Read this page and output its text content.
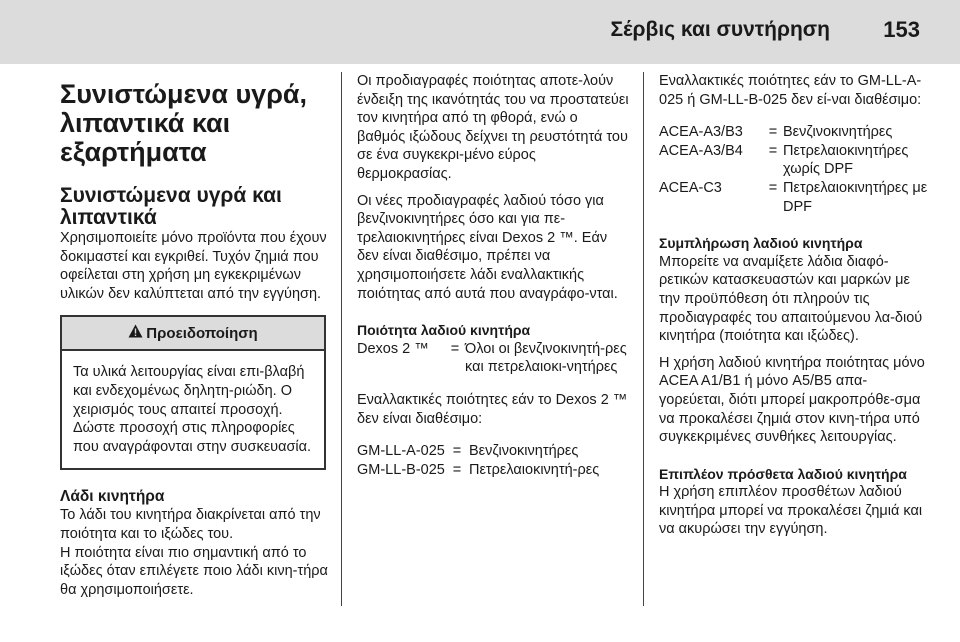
Σέρβις και συντήρηση 153
Συνιστώμενα υγρά, λιπαντικά και εξαρτήματα
Συνιστώμενα υγρά και λιπαντικά

Χρησιμοποιείτε μόνο προϊόντα που έχουν δοκιμαστεί και εγκριθεί. Τυχόν ζημιά που οφείλεται στη χρήση μη εγκεκριμένων υλικών δεν καλύπτεται από την εγγύηση.

Προειδοποίηση
Τα υλικά λειτουργίας είναι επι-βλαβή και ενδεχομένως δηλητη-ριώδη. Ο χειρισμός τους απαιτεί προσοχή. Δώστε προσοχή στις πληροφορίες που αναγράφονται στην συσκευασία.
Λάδι κινητήρα

Το λάδι του κινητήρα διακρίνεται από την ποιότητα και το ιξώδες του.

Η ποιότητα είναι πιο σημαντική από το ιξώδες όταν επιλέγετε ποιο λάδι κινη-τήρα θα χρησιμοποιήσετε.

Οι προδιαγραφές ποιότητας αποτε-λούν ένδειξη της ικανότητάς του να προστατεύει τον κινητήρα από τη φθορά, ενώ ο βαθμός ιξώδους δείχνει τη ρευστότητά του σε ένα συγκεκρι-μένο εύρος θερμοκρασίας.

Οι νέες προδιαγραφές λαδιού τόσο για βενζινοκινητήρες όσο και για πε-τρελαιοκινητήρες είναι Dexos 2 ™. Εάν δεν είναι διαθέσιμο, πρέπει να χρησιμοποιήσετε λάδι εναλλακτικής ποιότητας από αυτά που αναγράφο-νται.

Ποιότητα λαδιού κινητήρα

Dexos 2 ™	= Όλοι οι βενζινοκινητή-ρες και πετρελαιοκι-νητήρες

Εναλλακτικές ποιότητες εάν το Dexos 2 ™ δεν είναι διαθέσιμο:

GM-LL-A-025 = Βενζινοκινητήρες
GM-LL-B-025 = Πετρελαιοκινητή-ρες

Εναλλακτικές ποιότητες εάν το GM-LL-A-025 ή GM-LL-B-025 δεν εί-ναι διαθέσιμο:

ACEA-A3/B3	= Βενζινοκινητήρες
ACEA-A3/B4	= Πετρελαιοκινητήρες χωρίς DPF
ACEA-C3	= Πετρελαιοκινητήρες με DPF

Συμπλήρωση λαδιού κινητήρα

Μπορείτε να αναμίξετε λάδια διαφό-ρετικών κατασκευαστών και μαρκών με την προϋπόθεση ότι πληρούν τις προδιαγραφές του απαιτούμενου λα-διού κινητήρα (ποιότητα και ιξώδες).

Η χρήση λαδιού κινητήρα ποιότητας μόνο ACEA A1/B1 ή μόνο A5/B5 απα-γορεύεται, διότι μπορεί μακροπρόθε-σμα να προκαλέσει ζημιά στον κινη-τήρα υπό συγκεκριμένες συνθήκες λειτουργίας.

Επιπλέον πρόσθετα λαδιού κινητήρα

Η χρήση επιπλέον προσθέτων λαδιού κινητήρα μπορεί να προκαλέσει ζημιά και να ακυρώσει την εγγύηση.
